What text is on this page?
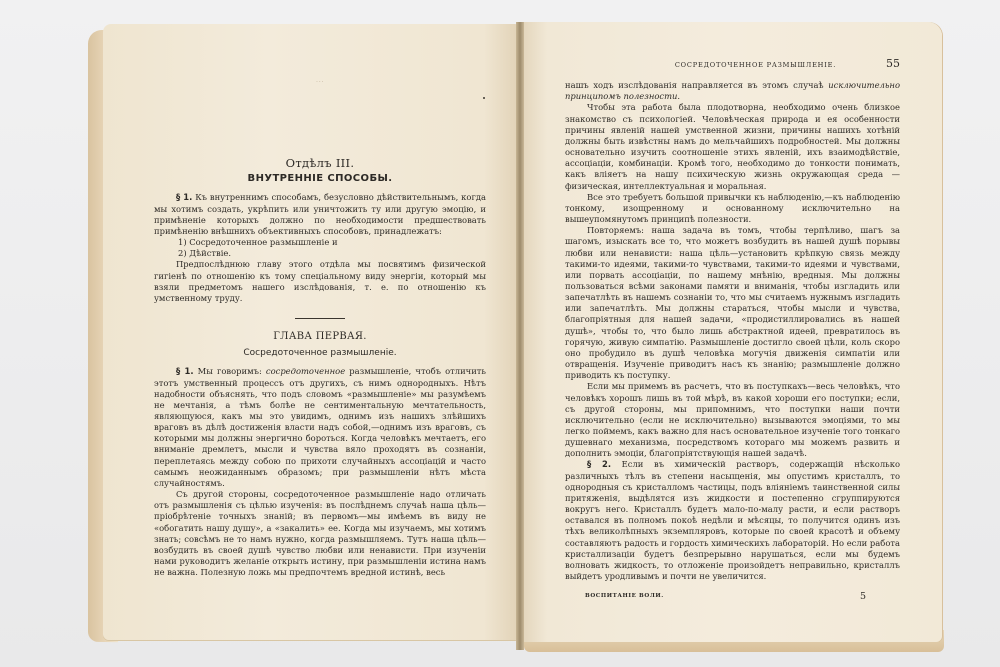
...

Отдѣлъ III.

ВНУТРЕННІЕ СПОСОБЫ.

§ 1. Къ внутреннимъ способамъ, безусловно дѣйствительнымъ, когда мы хотимъ создать, укрѣпить или уничтожить ту или другую эмоцію, и примѣненіе которыхъ должно по необходимости предшествовать примѣненію внѣшнихъ объективныхъ способовъ, принадлежатъ:

1) Сосредоточенное размышленіе и

2) Дѣйствіе.

Предпослѣднюю главу этого отдѣла мы посвятимъ физической гигіенѣ по отношенію къ тому спеціальному виду энергіи, который мы взяли предметомъ нашего изслѣдованія, т. е. по отношенію къ умственному труду.

ГЛАВА ПЕРВАЯ.

Сосредоточенное размышленіе.

§ 1. Мы говоримъ: сосредоточенное размышленіе, чтобъ отличить этотъ умственный процессъ отъ другихъ, съ нимъ однородныхъ. Нѣтъ надобности объяснять, что подъ словомъ «размышленіе» мы разумѣемъ не мечтанія, а тѣмъ болѣе не сентиментальную мечтательность, являющуюся, какъ мы это увидимъ, однимъ изъ нашихъ злѣйшихъ враговъ въ дѣлѣ достиженія власти надъ собой,—однимъ изъ враговъ, съ которыми мы должны энергично бороться. Когда человѣкъ мечтаетъ, его вниманіе дремлетъ, мысли и чувства вяло проходятъ въ сознаніи, переплетаясь между собою по прихоти случайныхъ ассоціацій и часто самымъ неожиданнымъ образомъ; при размышленіи нѣтъ мѣста случайностямъ.

Съ другой стороны, сосредоточенное размышленіе надо отличать отъ размышленія съ цѣлью изученія: въ послѣднемъ случаѣ наша цѣль—пріобрѣтеніе точныхъ знаній; въ первомъ—мы имѣемъ въ виду не «обогатить нашу душу», а «закалить» ее. Когда мы изучаемъ, мы хотимъ знать; совсѣмъ не то намъ нужно, когда размышляемъ. Тутъ наша цѣль—возбудить въ своей душѣ чувство любви или ненависти. При изученіи нами руководитъ желаніе открыть истину, при размышленіи истина намъ не важна. Полезную ложь мы предпочтемъ вредной истинѣ, весь

СОСРЕДОТОЧЕННОЕ РАЗМЫШЛЕНІЕ.	55

нашъ ходъ изслѣдованія направляется въ этомъ случаѣ исключительно принципомъ полезности.

Чтобы эта работа была плодотворна, необходимо очень близкое знакомство съ психологіей. Человѣческая природа и ея особенности причины явленій нашей умственной жизни, причины нашихъ хотѣній должны быть извѣстны намъ до мельчайшихъ подробностей. Мы должны основательно изучить соотношеніе этихъ явленій, ихъ взаимодѣйствіе, ассоціаціи, комбинаціи. Кромѣ того, необходимо до тонкости понимать, какъ вліяетъ на нашу психическую жизнь окружающая среда — физическая, интеллектуальная и моральная.

Все это требуетъ большой привычки къ наблюденію,—къ наблюденію тонкому, изощренному и основанному исключительно на вышеупомянутомъ принципѣ полезности.

Повторяемъ: наша задача въ томъ, чтобы терпѣливо, шагъ за шагомъ, изыскать все то, что можетъ возбудить въ нашей душѣ порывы любви или ненависти: наша цѣль—установить крѣпкую связь между такими-то идеями, такими-то чувствами, такими-то идеями и чувствами, или порвать ассоціаціи, по нашему мнѣнію, вредныя. Мы должны пользоваться всѣми законами памяти и вниманія, чтобы изгладить или запечатлѣть въ нашемъ сознаніи то, что мы считаемъ нужнымъ изгладить или запечатлѣть. Мы должны стараться, чтобы мысли и чувства, благопріятныя для нашей задачи, «продистиллировались въ нашей душѣ», чтобы то, что было лишь абстрактной идеей, превратилось въ горячую, живую симпатію. Размышленіе достигло своей цѣли, коль скоро оно пробудило въ душѣ человѣка могучія движенія симпатіи или отвращенія. Изученіе приводитъ насъ къ знанію; размышленіе должно приводить къ поступку.

Если мы примемъ въ расчетъ, что въ поступкахъ—весь человѣкъ, что человѣкъ хорошъ лишь въ той мѣрѣ, въ какой хороши его поступки; если, съ другой стороны, мы припомнимъ, что поступки наши почти исключительно (если не исключительно) вызываются эмоціями, то мы легко поймемъ, какъ важно для насъ основательное изученіе того тонкаго душевнаго механизма, посредствомъ котораго мы можемъ развить и дополнить эмоціи, благопріятствующія нашей задачѣ.

§ 2. Если въ химическій растворъ, содержащій нѣсколько различныхъ тѣлъ въ степени насыщенія, мы опустимъ кристаллъ, то однородныя съ кристалломъ частицы, подъ вліяніемъ таинственной силы притяженія, выдѣлятся изъ жидкости и постепенно сгруппируются вокругъ него. Кристаллъ будетъ мало-по-малу расти, и если растворъ оставался въ полномъ покоѣ недѣли и мѣсяцы, то получится одинъ изъ тѣхъ великолѣпныхъ экземпляровъ, которые по своей красотѣ и объему составляютъ радость и гордость химическихъ лабораторій. Но если работа кристаллизаціи будетъ безпрерывно нарушаться, если мы будемъ волновать жидкость, то отложеніе произойдетъ неправильно, кристаллъ выйдетъ уродливымъ и почти не увеличится.

ВОСПИТАНІЕ ВОЛИ.	5
